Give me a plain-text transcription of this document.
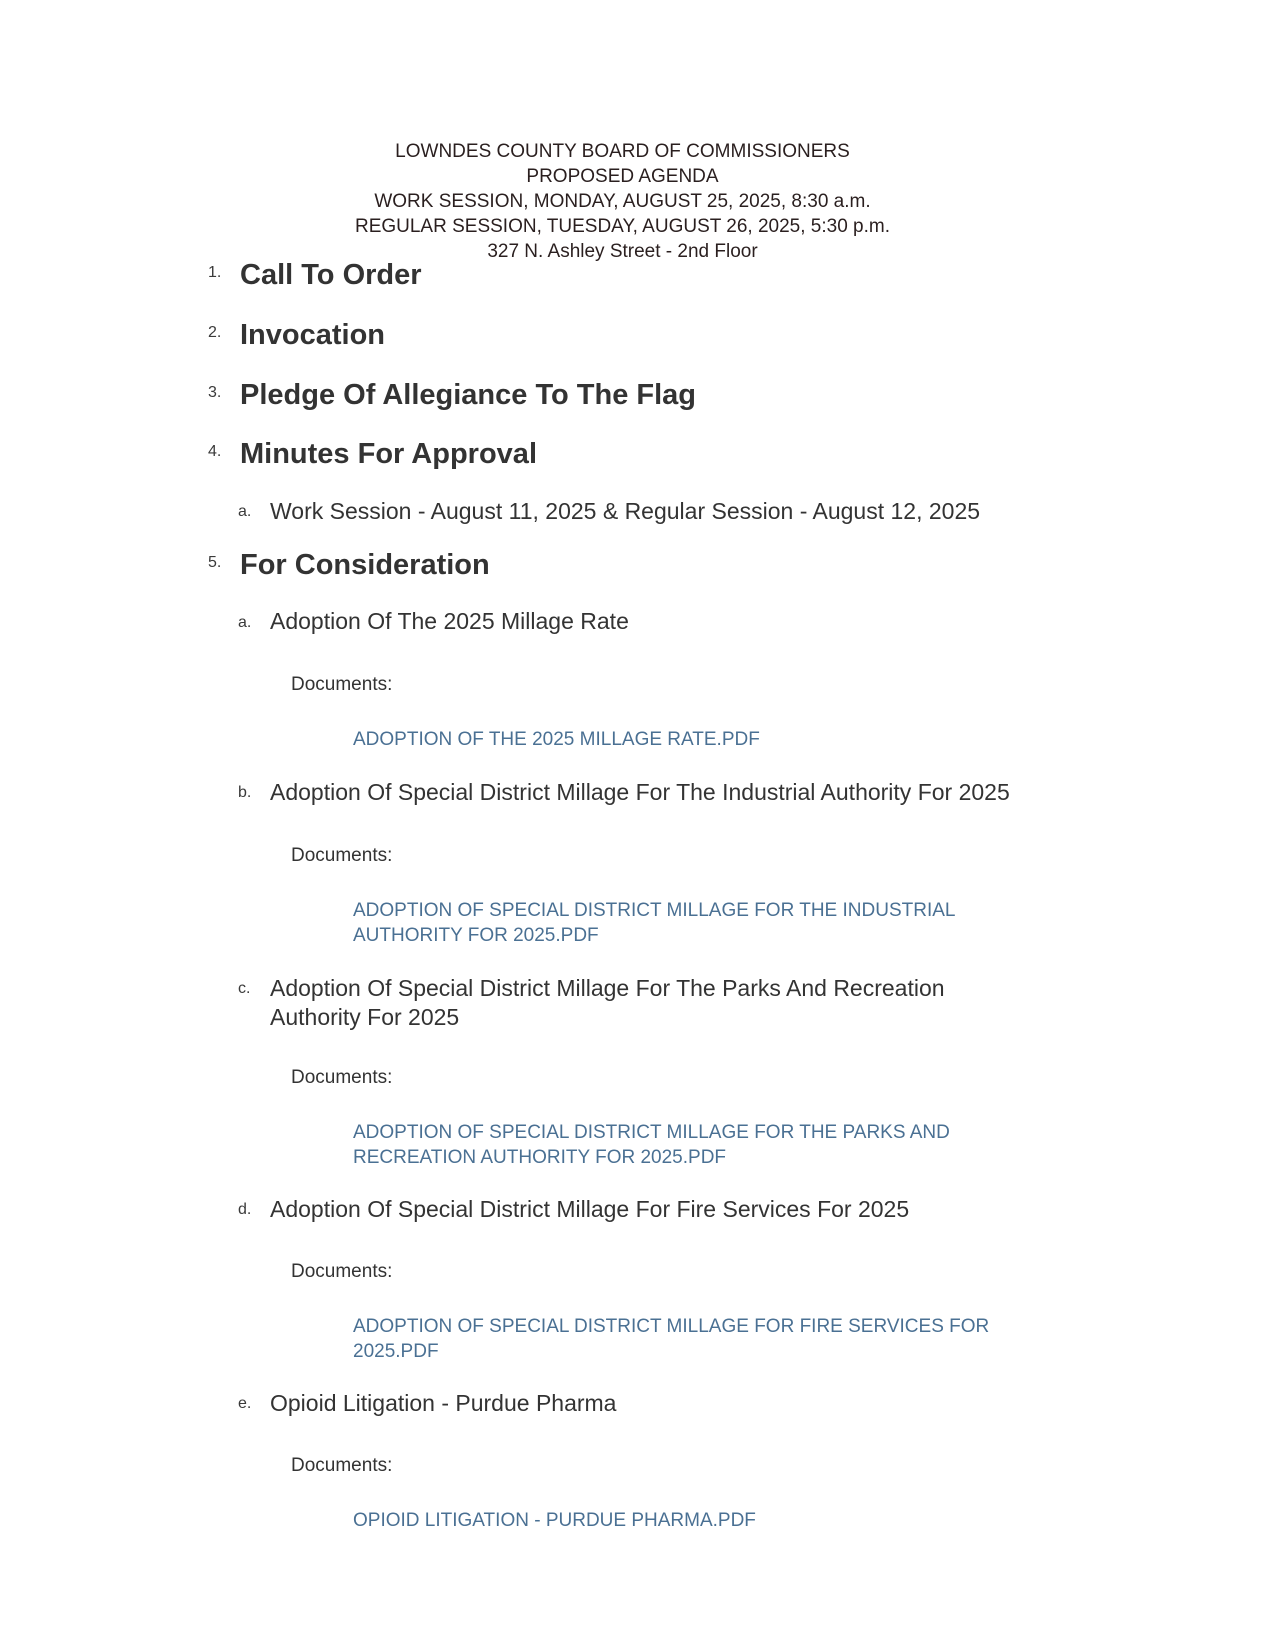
LOWNDES COUNTY BOARD OF COMMISSIONERS
PROPOSED AGENDA
WORK SESSION, MONDAY, AUGUST 25, 2025, 8:30 a.m.
REGULAR SESSION, TUESDAY, AUGUST 26, 2025, 5:30 p.m.
327 N. Ashley Street - 2nd Floor
1. Call To Order
2. Invocation
3. Pledge Of Allegiance To The Flag
4. Minutes For Approval
a. Work Session - August 11, 2025 & Regular Session - August 12, 2025
5. For Consideration
a. Adoption Of The 2025 Millage Rate
Documents:
ADOPTION OF THE 2025 MILLAGE RATE.PDF
b. Adoption Of Special District Millage For The Industrial Authority For 2025
Documents:
ADOPTION OF SPECIAL DISTRICT MILLAGE FOR THE INDUSTRIAL AUTHORITY FOR 2025.PDF
c. Adoption Of Special District Millage For The Parks And Recreation Authority For 2025
Documents:
ADOPTION OF SPECIAL DISTRICT MILLAGE FOR THE PARKS AND RECREATION AUTHORITY FOR 2025.PDF
d. Adoption Of Special District Millage For Fire Services For 2025
Documents:
ADOPTION OF SPECIAL DISTRICT MILLAGE FOR FIRE SERVICES FOR 2025.PDF
e. Opioid Litigation - Purdue Pharma
Documents:
OPIOID LITIGATION - PURDUE PHARMA.PDF
